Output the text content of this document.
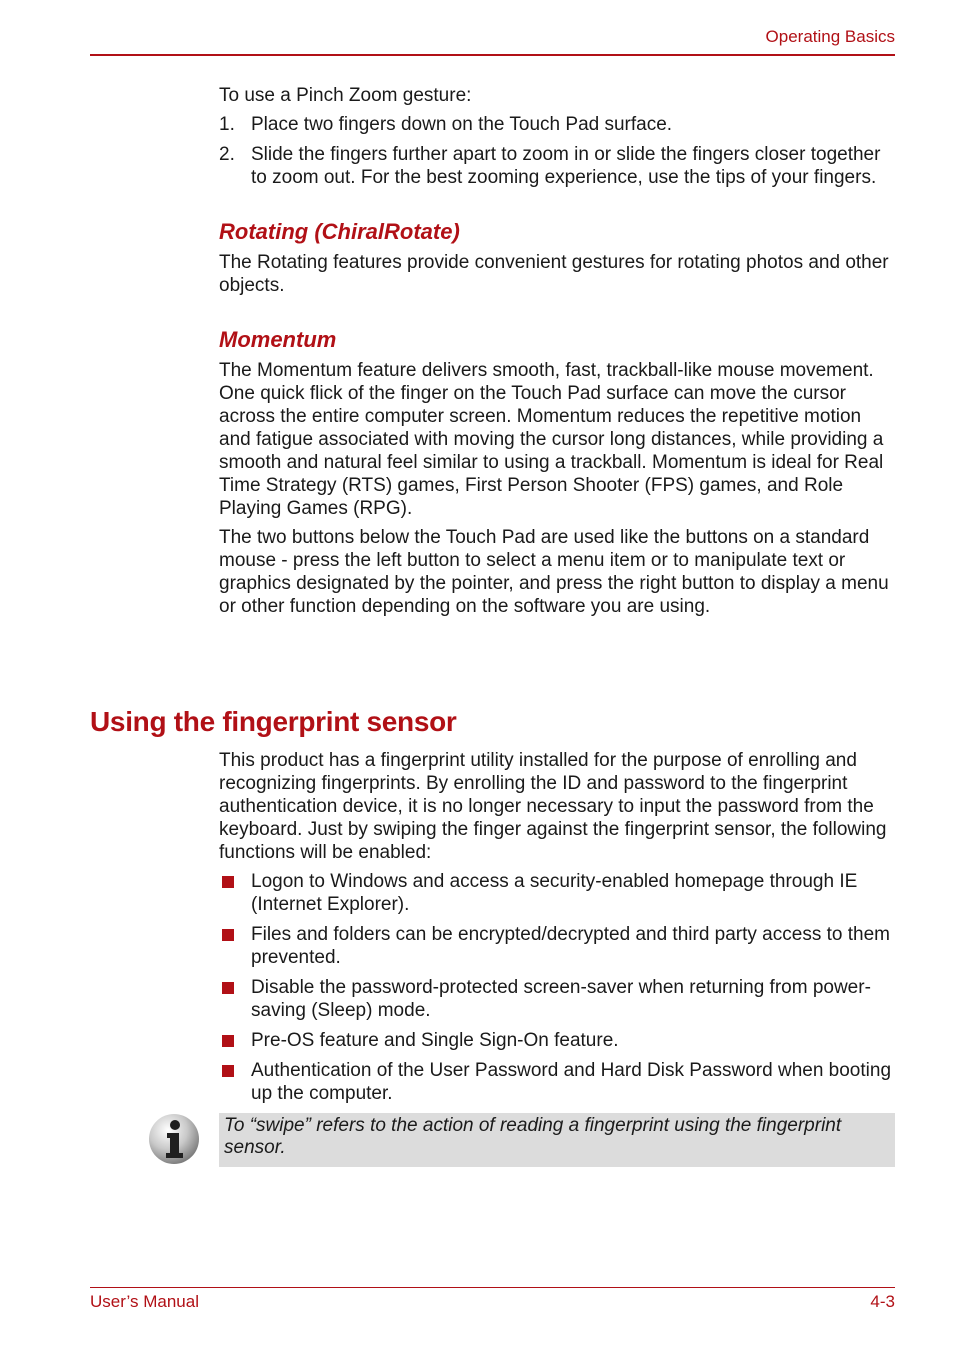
Operating Basics

To use a Pinch Zoom gesture:

1. Place two fingers down on the Touch Pad surface.
2. Slide the fingers further apart to zoom in or slide the fingers closer together to zoom out. For the best zooming experience, use the tips of your fingers.
Rotating (ChiralRotate)

The Rotating features provide convenient gestures for rotating photos and other objects.

Momentum

The Momentum feature delivers smooth, fast, trackball-like mouse movement. One quick flick of the finger on the Touch Pad surface can move the cursor across the entire computer screen. Momentum reduces the repetitive motion and fatigue associated with moving the cursor long distances, while providing a smooth and natural feel similar to using a trackball. Momentum is ideal for Real Time Strategy (RTS) games, First Person Shooter (FPS) games, and Role Playing Games (RPG).

The two buttons below the Touch Pad are used like the buttons on a standard mouse - press the left button to select a menu item or to manipulate text or graphics designated by the pointer, and press the right button to display a menu or other function depending on the software you are using.

Using the fingerprint sensor

This product has a fingerprint utility installed for the purpose of enrolling and recognizing fingerprints. By enrolling the ID and password to the fingerprint authentication device, it is no longer necessary to input the password from the keyboard. Just by swiping the finger against the fingerprint sensor, the following functions will be enabled:

Logon to Windows and access a security-enabled homepage through IE (Internet Explorer).
Files and folders can be encrypted/decrypted and third party access to them prevented.
Disable the password-protected screen-saver when returning from power-saving (Sleep) mode.
Pre-OS feature and Single Sign-On feature.
Authentication of the User Password and Hard Disk Password when booting up the computer.
To “swipe” refers to the action of reading a fingerprint using the fingerprint sensor.
User’s Manual	4-3
